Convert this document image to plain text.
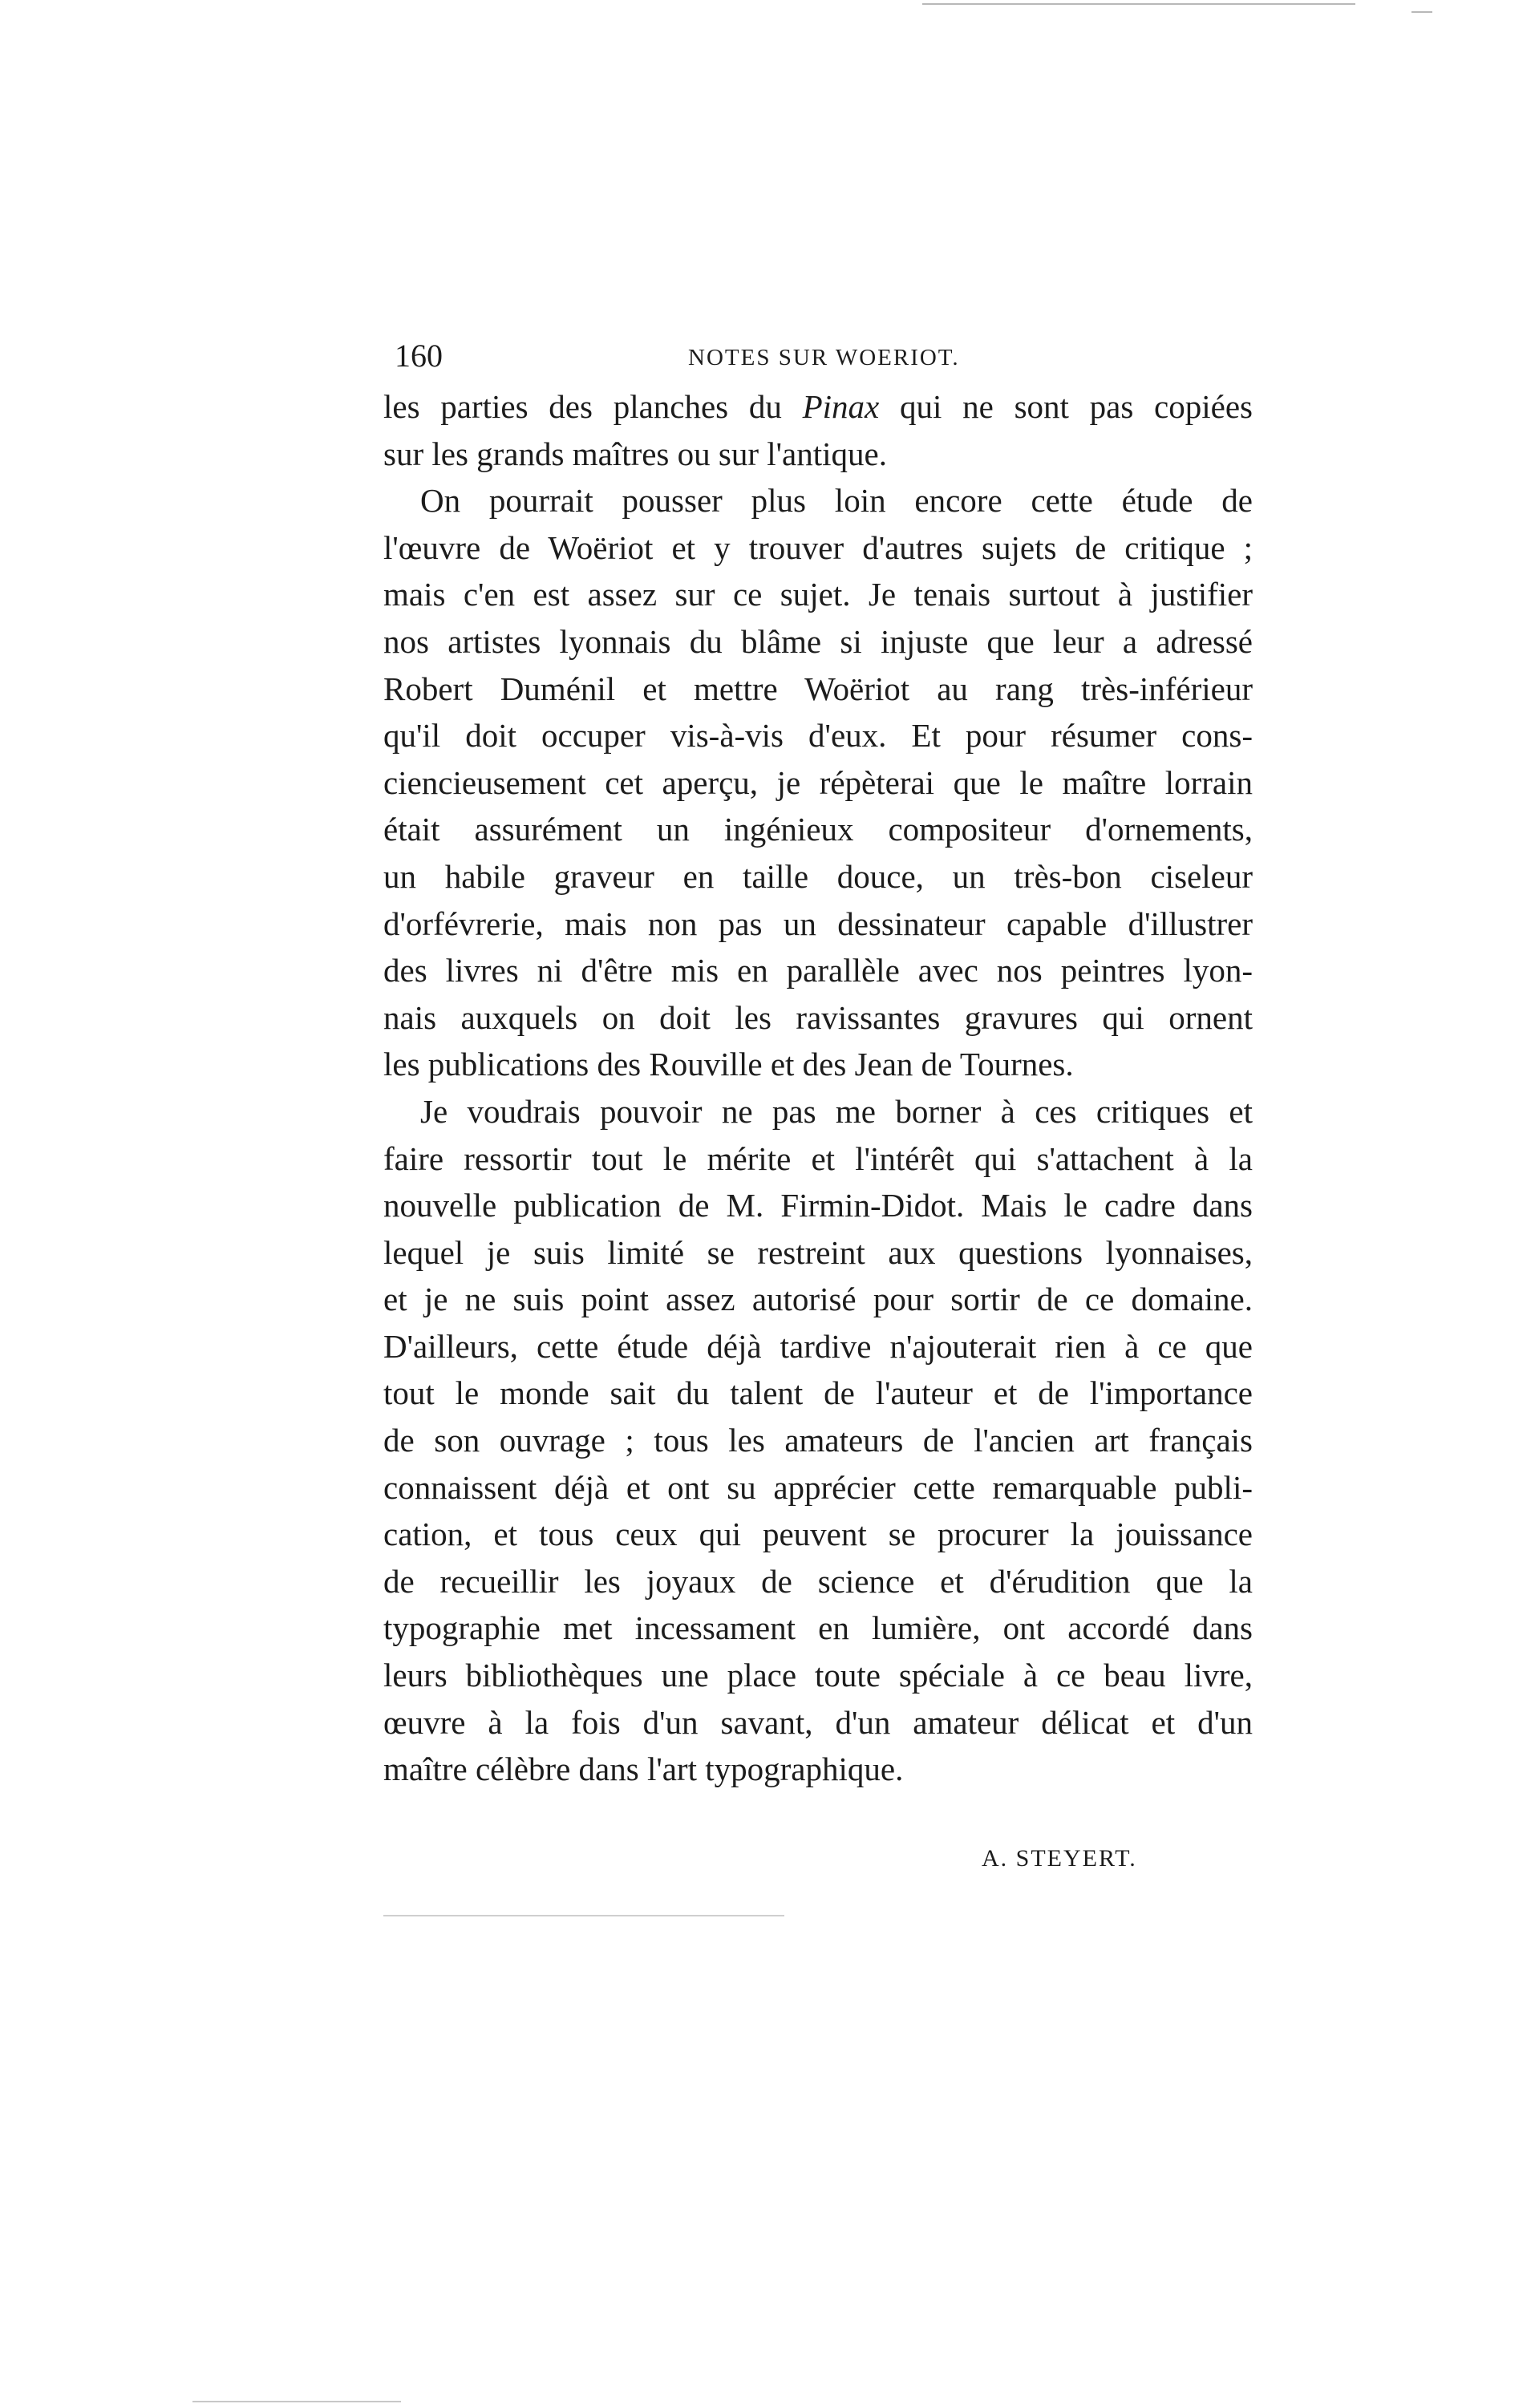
160	NOTES SUR WOERIOT.
les parties des planches du Pinax qui ne sont pas copiées
sur les grands maîtres ou sur l'antique.
On pourrait pousser plus loin encore cette étude de
l'œuvre de Woëriot et y trouver d'autres sujets de critique ;
mais c'en est assez sur ce sujet. Je tenais surtout à justifier
nos artistes lyonnais du blâme si injuste que leur a adressé
Robert Duménil et mettre Woëriot au rang très-inférieur
qu'il doit occuper vis-à-vis d'eux. Et pour résumer cons-
ciencieusement cet aperçu, je répèterai que le maître lorrain
était assurément un ingénieux compositeur d'ornements,
un habile graveur en taille douce, un très-bon ciseleur
d'orfévrerie, mais non pas un dessinateur capable d'illustrer
des livres ni d'être mis en parallèle avec nos peintres lyon-
nais auxquels on doit les ravissantes gravures qui ornent
les publications des Rouville et des Jean de Tournes.
Je voudrais pouvoir ne pas me borner à ces critiques et
faire ressortir tout le mérite et l'intérêt qui s'attachent à la
nouvelle publication de M. Firmin-Didot. Mais le cadre dans
lequel je suis limité se restreint aux questions lyonnaises,
et je ne suis point assez autorisé pour sortir de ce domaine.
D'ailleurs, cette étude déjà tardive n'ajouterait rien à ce que
tout le monde sait du talent de l'auteur et de l'importance
de son ouvrage ; tous les amateurs de l'ancien art français
connaissent déjà et ont su apprécier cette remarquable publi-
cation, et tous ceux qui peuvent se procurer la jouissance
de recueillir les joyaux de science et d'érudition que la
typographie met incessament en lumière, ont accordé dans
leurs bibliothèques une place toute spéciale à ce beau livre,
œuvre à la fois d'un savant, d'un amateur délicat et d'un
maître célèbre dans l'art typographique.
A. STEYERT.
